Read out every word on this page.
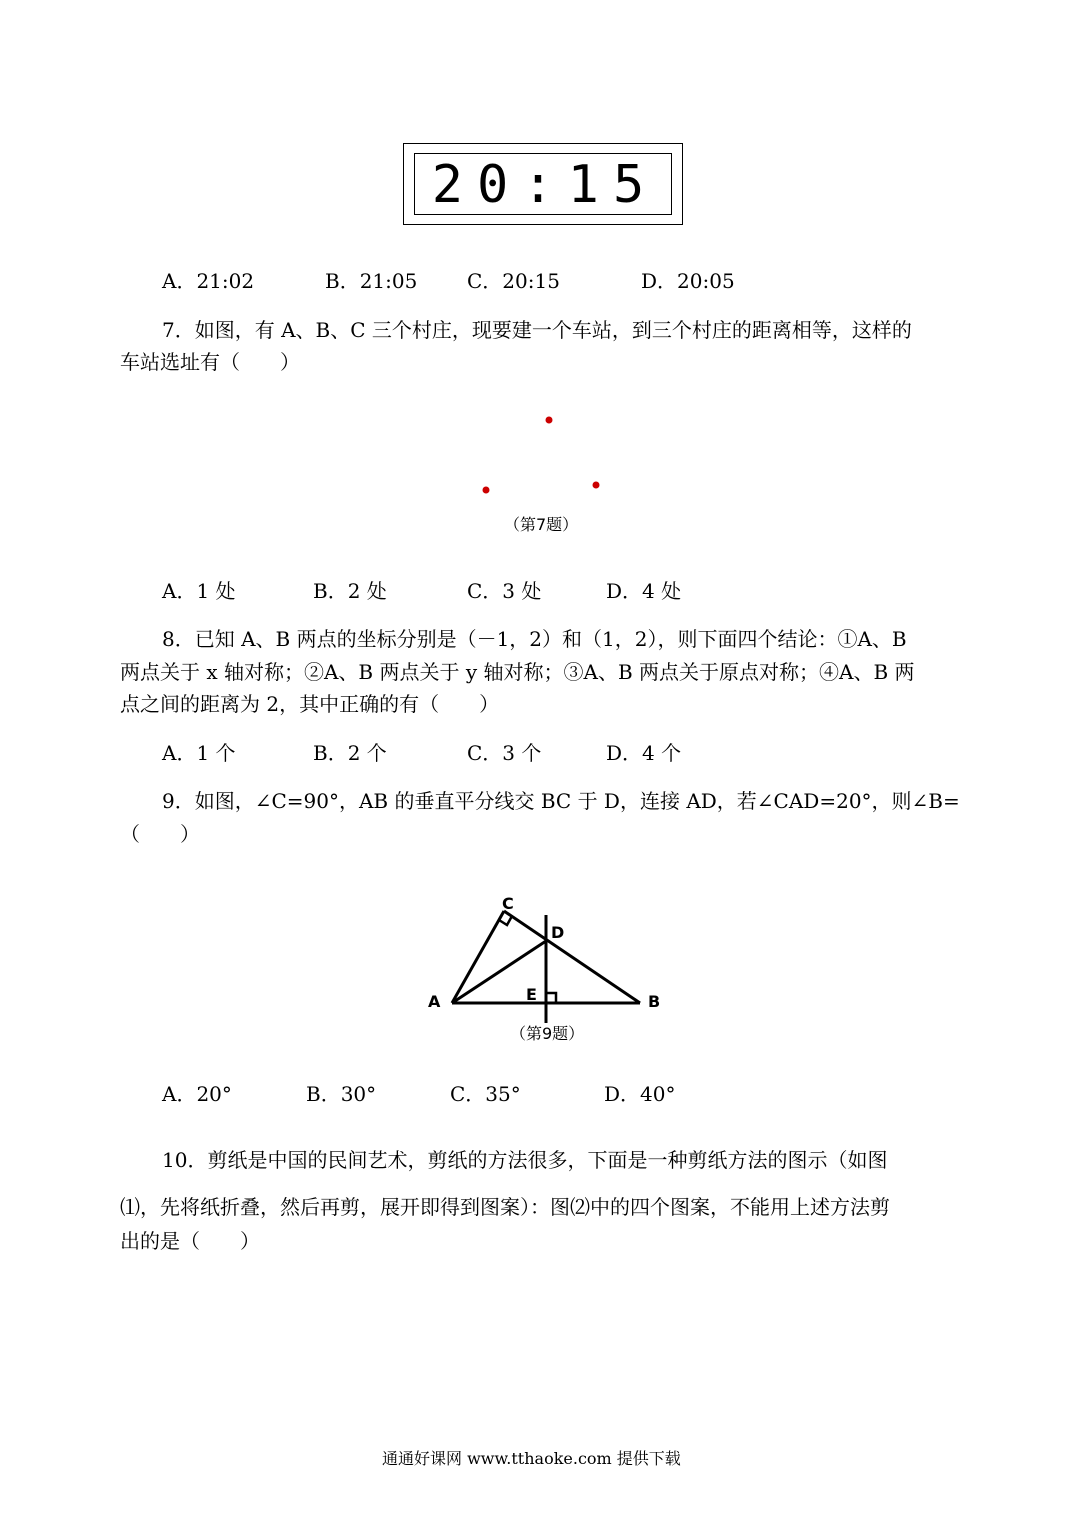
20:15
A．21:02	B．21:05 C．20:15	D．20:05
7．如图，有 A、B、C 三个村庄，现要建一个车站，到三个村庄的距离相等，这样的
车站选址有（　　）
（第7题）
A．1 处	B．2 处	C．3 处	D．4 处
8．已知 A、B 两点的坐标分别是（－1，2）和（1，2），则下面四个结论：①A、B
两点关于 x 轴对称；②A、B 两点关于 y 轴对称；③A、B 两点关于原点对称；④A、B 两
点之间的距离为 2，其中正确的有（　　）
A．1 个	B．2 个	C．3 个	D．4 个
9．如图，∠C=90°，AB 的垂直平分线交 BC 于 D，连接 AD，若∠CAD=20°，则∠B=
（　　）
A	B
C
D
E
（第9题）
A．20°	B．30°	C．35°	D．40°
10．剪纸是中国的民间艺术，剪纸的方法很多，下面是一种剪纸方法的图示（如图
⑴，先将纸折叠，然后再剪，展开即得到图案）：图⑵中的四个图案，不能用上述方法剪
出的是（　　）
通通好课网 www.tthaoke.com 提供下载
